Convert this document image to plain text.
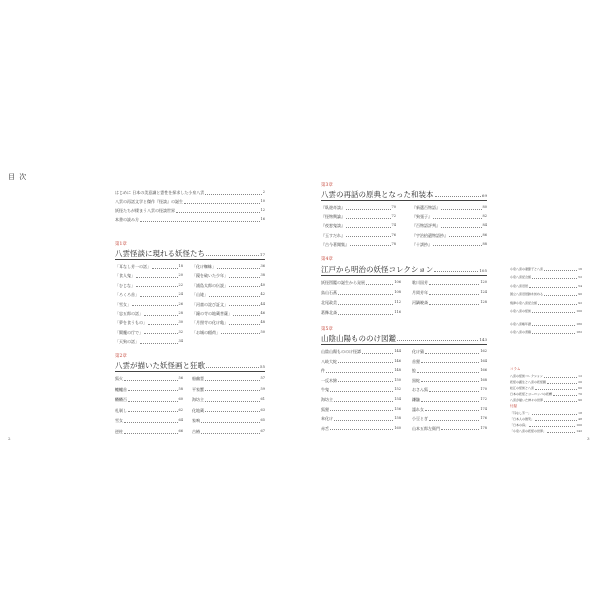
目 次
2	3
はじめに 日本の美意識と霊性を探求した小泉八雲	2
八雲の再話文学と傑作『怪談』の誕生	10
妖怪たちが棲まう八雲の怪談世界	12
本書の読み方	16
第1章
八雲怪談に現れる妖怪たち	17
「耳なし芳一の話」	18
「食人鬼」	20
「むじな」	22
「ろくろ首」	24
「雪女」	26
「忠五郎の話」	28
「夢を食うもの」	30
「閻魔の庁で」	32
「天狗の話」	34
「化け蜘蛛」	36
「鏡を破いた少年」	38
「浦島太郎の伝説」	40
「山姥」	42
「河童の詫び証文」	44
「鐘の寺の地蔵菩薩」	46
「月照寺の化け亀」	48
「お城の稲荷」	50
第2章
八雲が描いた妖怪画と狂歌	55
狐火	56
轆轤首	58
幡幡百	60
札剝し	62
雪女	64
逆柱	66
船幽霊	57
平家蟹	59
海坊主	61
化地蔵	63
家鳴	65
古椿	67
第3章
八雲の再話の原典となった和装本	69
『臥遊奇談』	70
『怪物輿論』	72
『夜窓鬼談』	74
『玉すだれ』	76
『古今著聞集』	78
『新選百物語』	80
『狗張子』	82
『百物語評判』	84
『宇治拾遺物語抄』	86
『十訓抄』	88
第4章
江戸から明治の妖怪コレクション	105
妖怪図鑑の誕生から発展	106
鳥山石燕	108
北尾政美	112
葛飾北斎	116
歌川国芳	120
月岡芳年	124
河鍋暁斎	128
第5章
山陰山陽もののけ図鑑	143
山陰山陽もののけ怪譚	144
八岐大蛇	146
件	148
一反木綿	150
牛鬼	152
海坊主	154
狐狸	156
傘化け	158
赤舌	160
化け猫	162
首狸	164
鯰	166
黒蛇	168
おさん狐	170
鎌鼬	172
濡れ女	174
小豆とぎ	176
山本五郎左衛門	178
小泉八雲の妻節子と八雲	16
小泉八雲記念館	52
小泉八雲旧居	54
国立八雲旧居跡を訪ねる	90
焼津小泉八雲記念館	92
小泉八雲の怪談	100
小泉八雲略年譜	180
小泉八雲の書籍	182
コラム
八雲の怪談コレクション	12
妖怪の誕生と八雲の妖怪観	20
松江の怪談と八雲	60
日本の妖怪とヨーロッパの妖精	70
八雲が描いた神々の世界	90
付録
「耳なし芳一」	18
「日本人の微笑」	48
「日本の庭」	100
「小泉八雲の妖怪の世界」	142
